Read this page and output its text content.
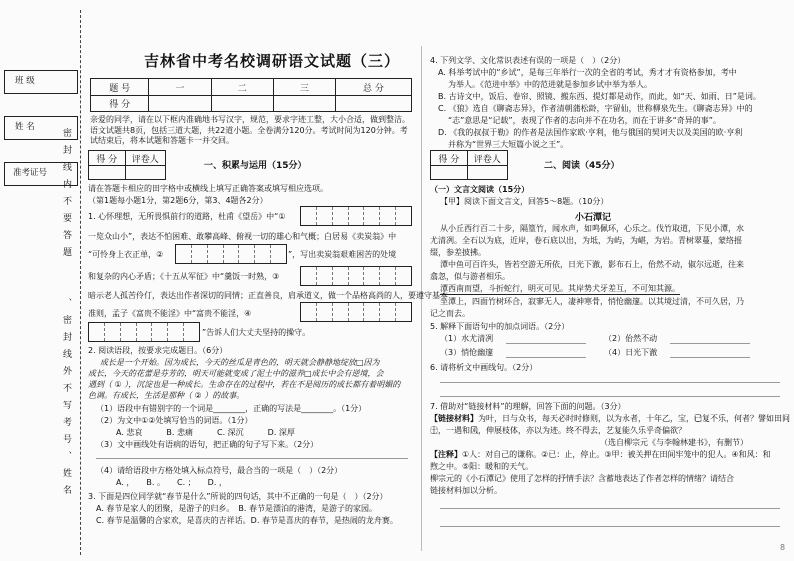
班 级
姓 名
准考证号 密封线内不要答题
、密封线外不写考号、姓名
吉林省中考名校调研语文试题（三）
题 号	一	二	三	总 分
得 分
亲爱的同学，请在以下框内准确地书写汉字，规范，要求字迹工整，大小合适，做到整洁。
语文试题共8页，包括三道大题，共22道小题。全卷满分120分。考试时间为120分钟。考试结束后，将本试题和答题卡一并交回。
得 分	评卷人
一、积累与运用（15分）
请在答题卡相应的田字格中或横线上填写正确答案或填写相应选项。
（第1题每小题1分，第2题6分，第3、4题各2分）
1. 心怀理想，无所畏惧前行的道路，杜甫《望岳》中“①
一览众山小”，表达不怕困难、敢攀高峰、俯视一切的雄心和气概；白居易《卖炭翁》中
“可怜身上衣正单，②	”，写出卖炭翁艰难困苦的处境
和复杂的内心矛盾；《十五从军征》中“羹饭一时熟，③
暗示老人孤苦伶仃，表达出作者深切的同情；正直善良，肩承道义，做一个品格高尚的人，要遵守基本
准则，孟子《富贵不能淫》中“富贵不能淫，④
”告诉人们大丈夫坚持的操守。
2. 阅读语段，按要求完成题目。（6分）
成长是一个开始。因为成长，今天的丝瓜是青色的，明天就会静静地绽放□因为
成长，今天的花蕾是芬芳的，明天可能就变成了泥土中的滋养□成长中会有逆境，会
遇到（ ① ），沉淀也是一种成长。生命存在的过程中，若在不是阅历的成长都有着明媚的
色调。有成长，生活是那种（ ② ）的故事。
（1）语段中有错别字的一个词是________，正确的写法是________。（1分）
（2）为文中①②处填写恰当的词语。（1分）
A. 悲哀　　　B. 悲痛　　　C. 深沉　　　D. 深厚
（3）文中画线处有语病的语句，把正确的句子写下来。（2分）
（4）请给语段中方格处填入标点符号，最合当的一项是（　）（2分）
A. ，　　B. 。　　C. ；　　D. ，
3. 下面是四位同学就“春节是什么”所说的四句话，其中不正确的一句是（　）（2分）
A. 春节是家人的团聚，是游子的归乡。　B. 春节是漂泊的港湾，是游子的家园。
C. 春节是温馨的合家欢，是喜庆的吉祥话。D. 春节是喜庆的春节，是热闹的龙舟赛。
4. 下列文学、文化常识表述有误的一项是（　）（2分）
A. 科举考试中的“乡试”，是每三年举行一次的全省的考试，秀才才有资格参加，考中
为举人。《范进中举》中的范进就是参加乡试中举为举人。
B. 古诗文中，饭后、卷帘、照镜、搬东西、提灯都是动作，而此，如“天、如雨、日”是词。
C. 《狼》选自《聊斋志异》，作者清朝蒲松龄，字留仙，世称柳泉先生。《聊斋志异》中的
“志”意思是“记载”，表现了作者的志向并不在功名，而在于讲多“奇异的事”。
D. 《我的叔叔于勒》的作者是法国作家欧·亨利，他与俄国的契诃夫以及美国的欧·亨利
并称为“世界三大短篇小说之王”。
得 分	评卷人
二、阅读（45分）
（一）文言文阅读（15分）
【甲】阅读下面文言文，回答5～8题。（10分）
小石潭记
从小丘西行百二十步，隔篁竹，闻水声，如鸣佩环，心乐之。伐竹取道，下见小潭，水
尤清冽。全石以为底，近岸，卷石底以出，为坻，为屿，为嵁，为岩。青树翠蔓，蒙络摇
缀，参差披拂。
潭中鱼可百许头，皆若空游无所依，日光下澈，影布石上，佁然不动，俶尔远逝，往来
翕忽，似与游者相乐。
潭西南而望，斗折蛇行，明灭可见。其岸势犬牙差互，不可知其源。
坐潭上，四面竹树环合，寂寥无人，凄神寒骨，悄怆幽邃。以其境过清，不可久居，乃
记之而去。
5. 解释下面语句中的加点词语。（2分）
（1）水尤清冽	（2）佁然不动
（3）悄怆幽邃	（4）日光下澈
6. 请将析文中画线句。（2分）
7. 借助对“链接材料”的理解，回答下面的问题。（3分）
【链接材料】 为叶，日与众书，每天必时时修则，以为永者，十年乙，宝，已⃝复不乐，何者？譬如田间
土⃝，一遇和风⃝，伸展枝体，亦以为迹。终不得去，艺复能久乐乎奇偏欲？
（选自柳宗元《与李翰林建书》，有删节）
【注释】 ①人：对自己的谦称。②已：止，停止。③甲：被关押在田间牢笼中的犯人。④和风：和
煦之中。⑤阳：暖和的天气。
柳宗元的《小石潭记》使用了怎样的抒情手法？含蓄地表达了作者怎样的情绪？请结合
链接材料加以分析。
8
